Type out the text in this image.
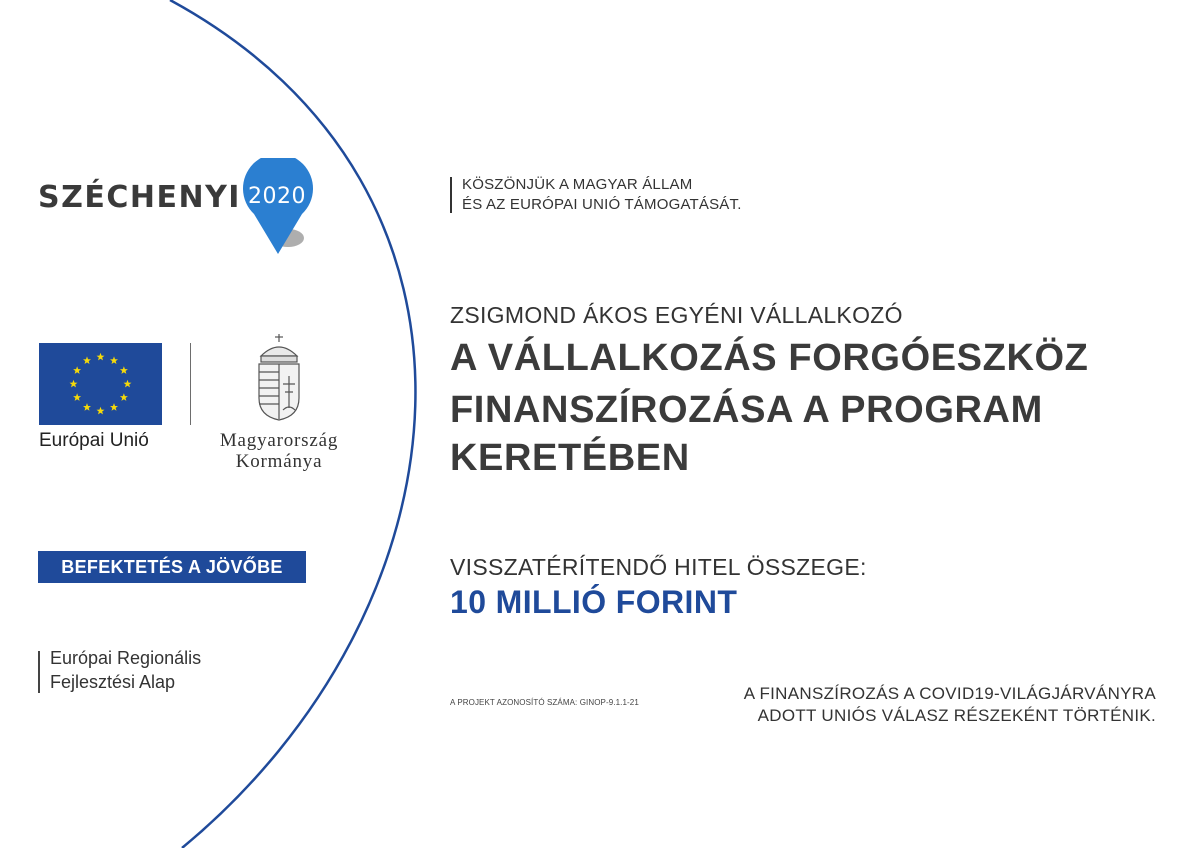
SZÉCHENYI 2020
Európai Unió	Magyarország
Kormánya
BEFEKTETÉS A JÖVŐBE
Európai Regionális
Fejlesztési Alap
KÖSZÖNJÜK A MAGYAR ÁLLAM
ÉS AZ EURÓPAI UNIÓ TÁMOGATÁSÁT.
ZSIGMOND ÁKOS EGYÉNI VÁLLALKOZÓ
A VÁLLALKOZÁS FORGÓESZKÖZ
FINANSZÍROZÁSA A PROGRAM
KERETÉBEN
VISSZATÉRÍTENDŐ HITEL ÖSSZEGE:
10 MILLIÓ FORINT
A PROJEKT AZONOSÍTÓ SZÁMA: GINOP-9.1.1-21	A FINANSZÍROZÁS A COVID19-VILÁGJÁRVÁNYRA
ADOTT UNIÓS VÁLASZ RÉSZEKÉNT TÖRTÉNIK.
